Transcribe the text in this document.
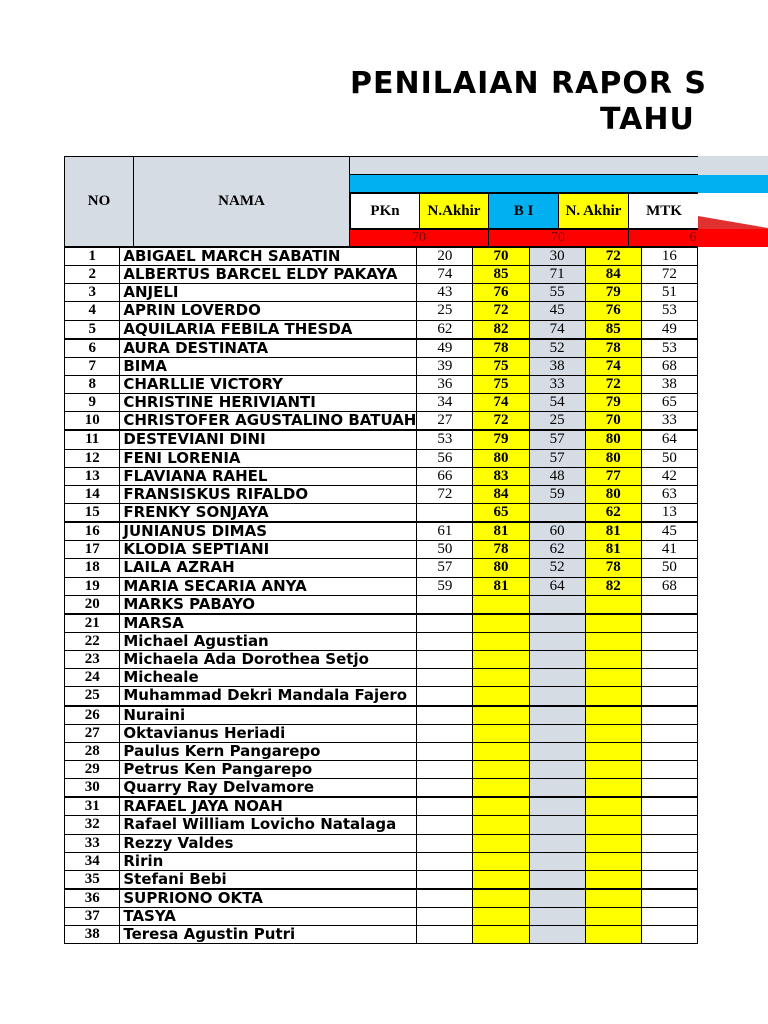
PENILAIAN RAPOR S
TAHU
NO	NAMA
PKn	N.Akhir	B I	N. Akhir	MTK
70	70	6
1	ABIGAEL MARCH SABATIN	20	70	30	72	16
2	ALBERTUS BARCEL ELDY PAKAYA	74	85	71	84	72
3	ANJELI	43	76	55	79	51
4	APRIN LOVERDO	25	72	45	76	53
5	AQUILARIA FEBILA THESDA	62	82	74	85	49
6	AURA DESTINATA	49	78	52	78	53
7	BIMA	39	75	38	74	68
8	CHARLLIE VICTORY	36	75	33	72	38
9	CHRISTINE HERIVIANTI	34	74	54	79	65
10	CHRISTOFER AGUSTALINO BATUAH	27	72	25	70	33
11	DESTEVIANI DINI	53	79	57	80	64
12	FENI LORENIA	56	80	57	80	50
13	FLAVIANA RAHEL	66	83	48	77	42
14	FRANSISKUS RIFALDO	72	84	59	80	63
15	FRENKY SONJAYA		65		62	13
16	JUNIANUS DIMAS	61	81	60	81	45
17	KLODIA SEPTIANI	50	78	62	81	41
18	LAILA AZRAH	57	80	52	78	50
19	MARIA SECARIA ANYA	59	81	64	82	68
20	MARKS PABAYO					
21	MARSA					
22	Michael Agustian					
23	Michaela Ada Dorothea Setjo					
24	Micheale					
25	Muhammad Dekri Mandala Fajero					
26	Nuraini					
27	Oktavianus Heriadi					
28	Paulus Kern Pangarepo					
29	Petrus Ken Pangarepo					
30	Quarry Ray Delvamore					
31	RAFAEL JAYA NOAH					
32	Rafael William Lovicho Natalaga					
33	Rezzy Valdes					
34	Ririn					
35	Stefani Bebi					
36	SUPRIONO OKTA					
37	TASYA					
38	Teresa Agustin Putri					
